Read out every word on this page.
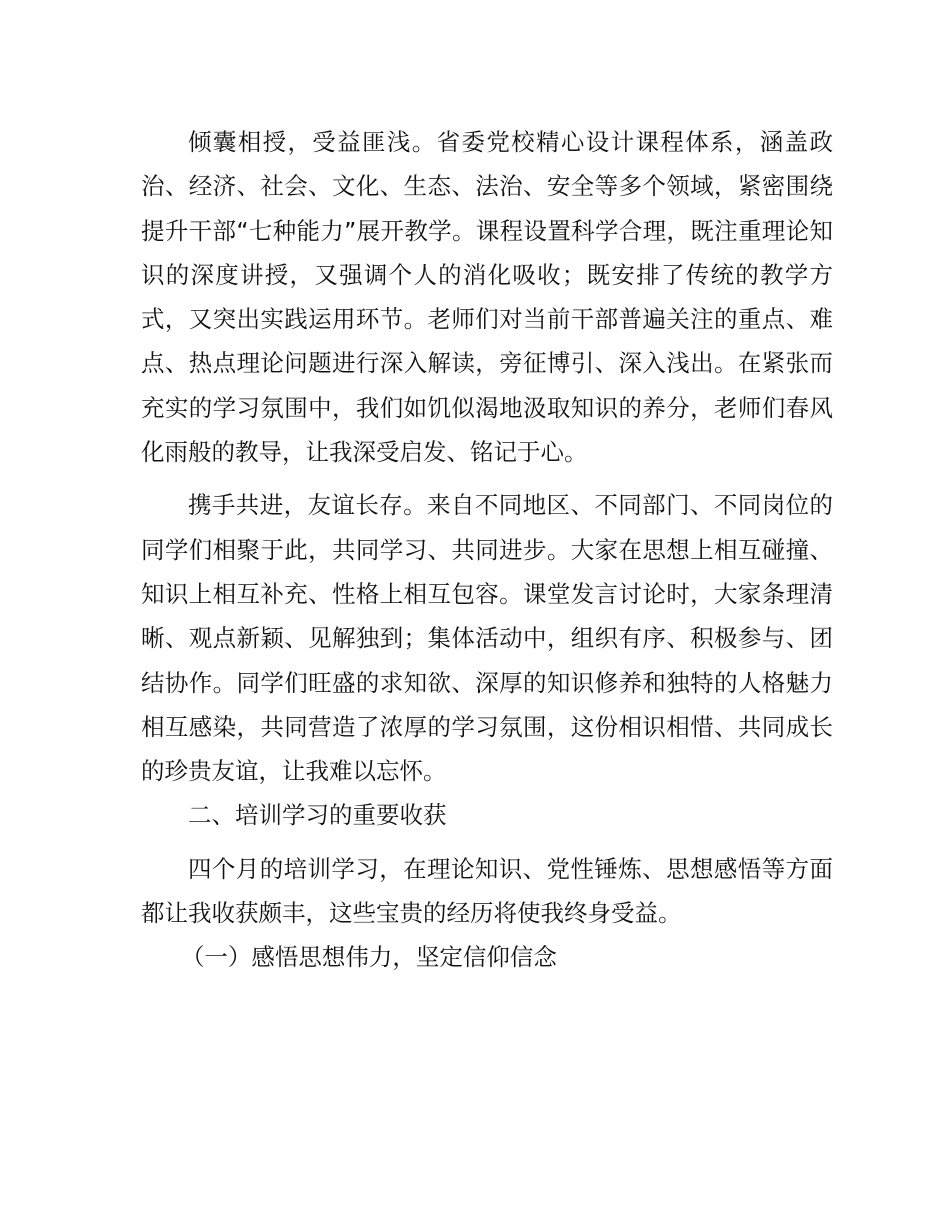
倾囊相授，受益匪浅。省委党校精心设计课程体系，涵盖政治、经济、社会、文化、生态、法治、安全等多个领域，紧密围绕提升干部“七种能力”展开教学。课程设置科学合理，既注重理论知识的深度讲授，又强调个人的消化吸收；既安排了传统的教学方式，又突出实践运用环节。老师们对当前干部普遍关注的重点、难点、热点理论问题进行深入解读，旁征博引、深入浅出。在紧张而充实的学习氛围中，我们如饥似渴地汲取知识的养分，老师们春风化雨般的教导，让我深受启发、铭记于心。

携手共进，友谊长存。来自不同地区、不同部门、不同岗位的同学们相聚于此，共同学习、共同进步。大家在思想上相互碰撞、知识上相互补充、性格上相互包容。课堂发言讨论时，大家条理清晰、观点新颖、见解独到；集体活动中，组织有序、积极参与、团结协作。同学们旺盛的求知欲、深厚的知识修养和独特的人格魅力相互感染，共同营造了浓厚的学习氛围，这份相识相惜、共同成长的珍贵友谊，让我难以忘怀。

二、培训学习的重要收获

四个月的培训学习，在理论知识、党性锤炼、思想感悟等方面都让我收获颇丰，这些宝贵的经历将使我终身受益。

（一）感悟思想伟力，坚定信仰信念
